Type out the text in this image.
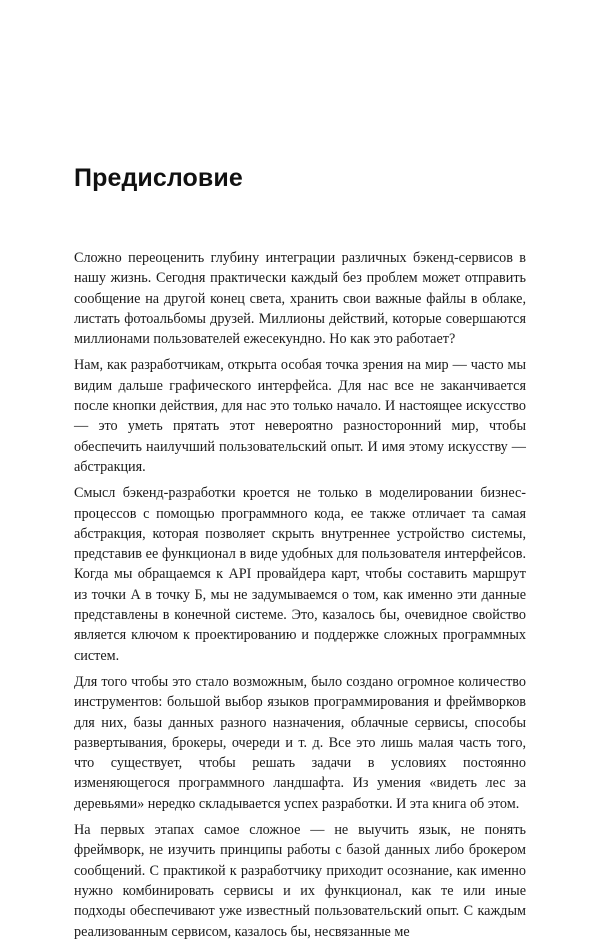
Предисловие

Сложно переоценить глубину интеграции различных бэкенд-сервисов в нашу жизнь. Сегодня практически каждый без проблем может отправить сообщение на другой конец света, хранить свои важные файлы в облаке, листать фотоальбомы друзей. Миллионы действий, которые совершаются миллионами пользователей ежесекундно. Но как это работает?

Нам, как разработчикам, открыта особая точка зрения на мир — часто мы видим дальше графического интерфейса. Для нас все не заканчивается после кнопки действия, для нас это только начало. И настоящее искусство — это уметь прятать этот невероятно разносторонний мир, чтобы обеспечить наилучший пользовательский опыт. И имя этому искусству — абстракция.

Смысл бэкенд-разработки кроется не только в моделировании бизнес-процессов с помощью программного кода, ее также отличает та самая абстракция, которая позволяет скрыть внутреннее устройство системы, представив ее функционал в виде удобных для пользователя интерфейсов. Когда мы обращаемся к API провайдера карт, чтобы составить маршрут из точки А в точку Б, мы не задумываемся о том, как именно эти данные представлены в конечной системе. Это, казалось бы, очевидное свойство является ключом к проектированию и поддержке сложных программных систем.

Для того чтобы это стало возможным, было создано огромное количество инструментов: большой выбор языков программирования и фреймворков для них, базы данных разного назначения, облачные сервисы, способы развертывания, брокеры, очереди и т. д. Все это лишь малая часть того, что существует, чтобы решать задачи в условиях постоянно изменяющегося программного ландшафта. Из умения «видеть лес за деревьями» нередко складывается успех разработки. И эта книга об этом.

На первых этапах самое сложное — не выучить язык, не понять фреймворк, не изучить принципы работы с базой данных либо брокером сообщений. С практикой к разработчику приходит осознание, как именно нужно комбинировать сервисы и их функционал, как те или иные подходы обеспечивают уже известный пользовательский опыт. С каждым реализованным сервисом, казалось бы, несвязанные ме
